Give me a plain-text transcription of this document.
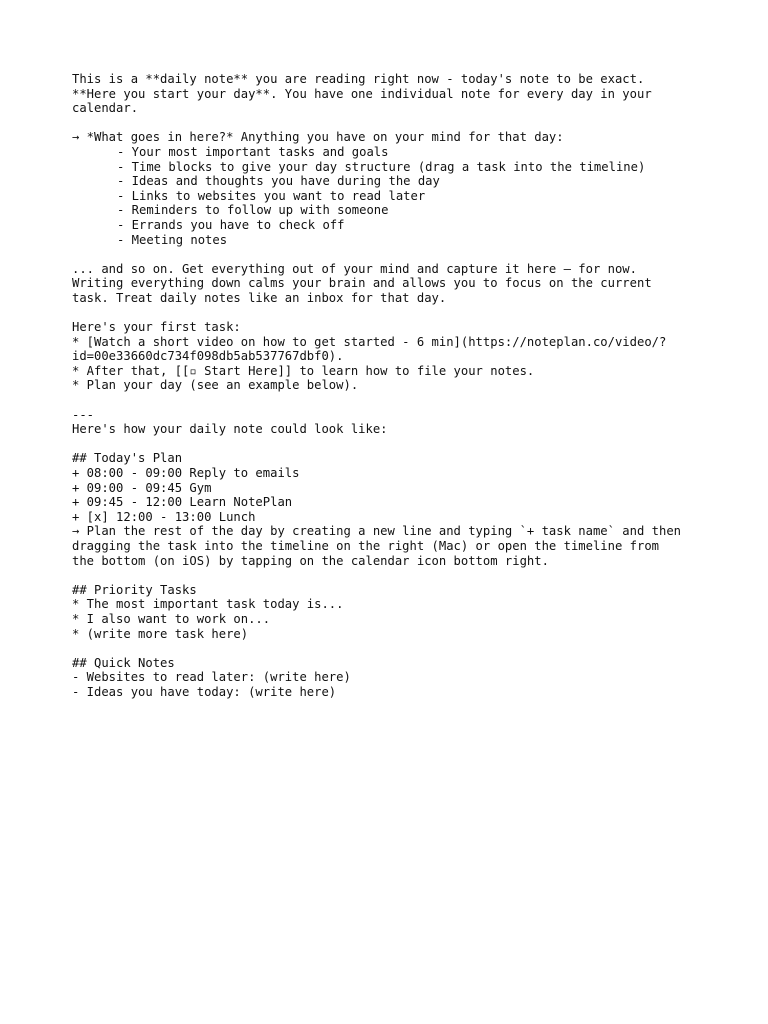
This is a **daily note** you are reading right now - today's note to be exact.
**Here you start your day**. You have one individual note for every day in your
calendar.
→ *What goes in here?* Anything you have on your mind for that day:
- Your most important tasks and goals
- Time blocks to give your day structure (drag a task into the timeline)
- Ideas and thoughts you have during the day
- Links to websites you want to read later
- Reminders to follow up with someone
- Errands you have to check off
- Meeting notes
... and so on. Get everything out of your mind and capture it here — for now.
Writing everything down calms your brain and allows you to focus on the current
task. Treat daily notes like an inbox for that day.
Here's your first task:
* [Watch a short video on how to get started - 6 min](https://noteplan.co/video/?
id=00e33660dc734f098db5ab537767dbf0).
* After that, [[▫ Start Here]] to learn how to file your notes.
* Plan your day (see an example below).
---
Here's how your daily note could look like:
## Today's Plan
+ 08:00 - 09:00 Reply to emails
+ 09:00 - 09:45 Gym
+ 09:45 - 12:00 Learn NotePlan
+ [x] 12:00 - 13:00 Lunch
→ Plan the rest of the day by creating a new line and typing `+ task name` and then
dragging the task into the timeline on the right (Mac) or open the timeline from
the bottom (on iOS) by tapping on the calendar icon bottom right.
## Priority Tasks
* The most important task today is...
* I also want to work on...
* (write more task here)
## Quick Notes
- Websites to read later: (write here)
- Ideas you have today: (write here)
